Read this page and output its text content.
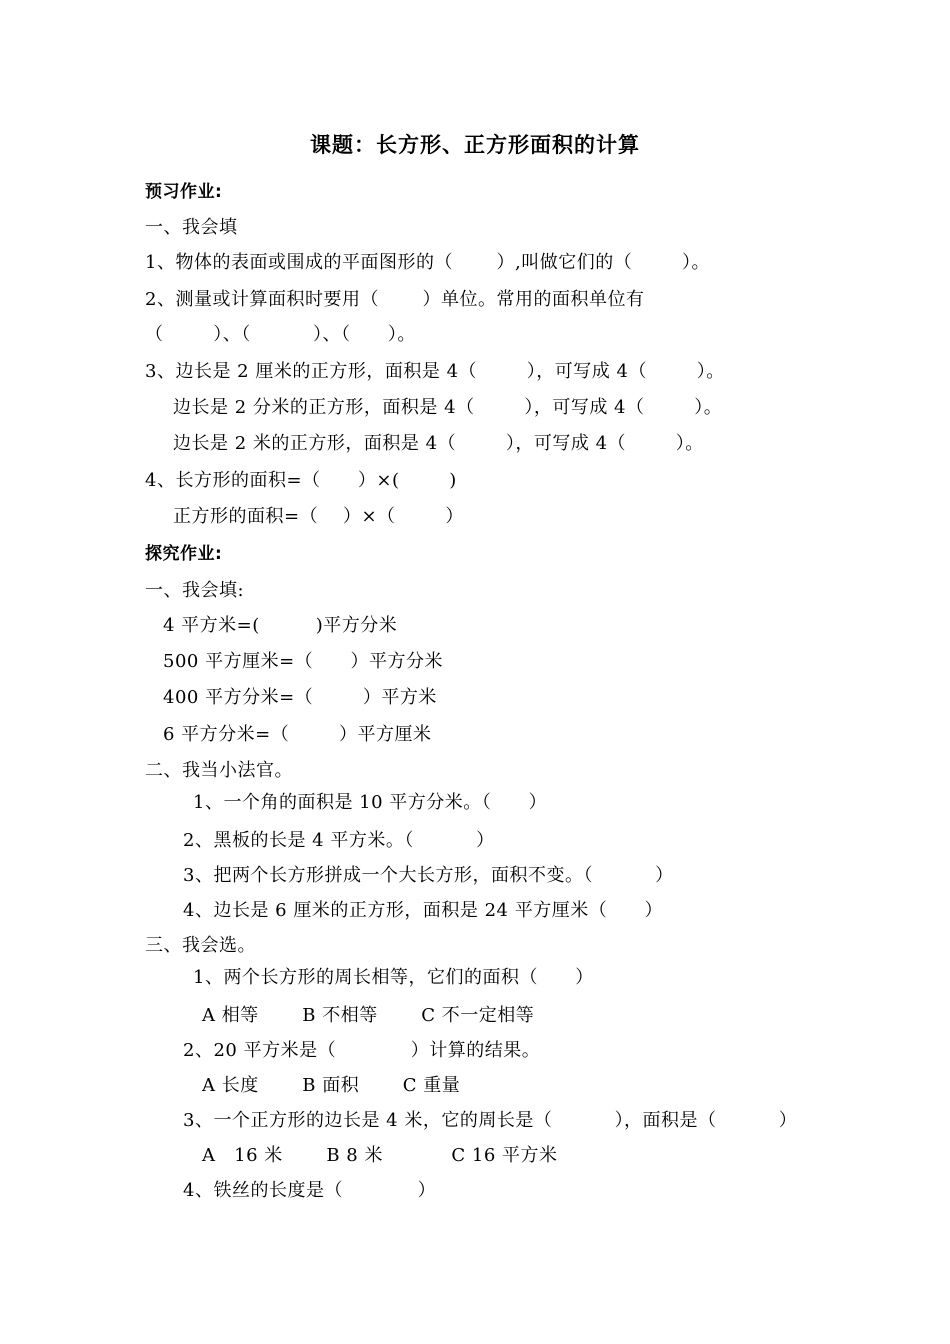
课题：长方形、正方形面积的计算
预习作业:
一、我会填
1、物体的表面或围成的平面图形的（       ）,叫做它们的（        ）。
2、测量或计算面积时要用（       ）单位。常用的面积单位有
（        ）、（          ）、（      ）。
3、边长是 2 厘米的正方形，面积是 4（        ），可写成 4（        ）。
边长是 2 分米的正方形，面积是 4（        ），可写成 4（        ）。
边长是 2 米的正方形，面积是 4（        ），可写成 4（        ）。
4、长方形的面积=（      ）×(        )
正方形的面积=（    ）×（        ）
探究作业:
一、我会填:
4 平方米=(         )平方分米
500 平方厘米=（      ）平方分米
400 平方分米=（        ）平方米
6 平方分米=（        ）平方厘米
二、我当小法官。
1、一个角的面积是 10 平方分米。（      ）
2、黑板的长是 4 平方米。（          ）
3、把两个长方形拼成一个大长方形，面积不变。（          ）
4、边长是 6 厘米的正方形，面积是 24 平方厘米（      ）
三、我会选。
1、两个长方形的周长相等，它们的面积（      ）
A 相等       B 不相等       C 不一定相等
2、20 平方米是（            ）计算的结果。
A 长度       B 面积       C 重量
3、一个正方形的边长是 4 米，它的周长是（          ），面积是（          ）
A   16 米       B 8 米           C 16 平方米
4、铁丝的长度是（            ）
